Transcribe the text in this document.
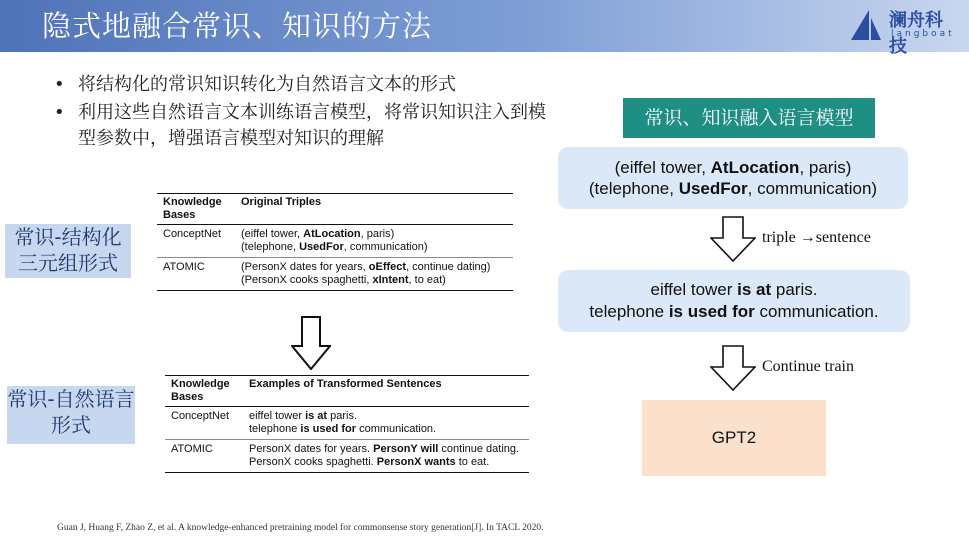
隐式地融合常识、知识的方法	澜舟科技
langboat
• 将结构化的常识知识转化为自然语言文本的形式
• 利用这些自然语言文本训练语言模型，将常识知识注入到模型参数中，增强语言模型对知识的理解
常识-结构化三元组形式
常识-自然语言形式
Knowledge Bases	Original Triples
ConceptNet	(eiffel tower, AtLocation, paris)
(telephone, UsedFor, communication)
ATOMIC	(PersonX dates for years, oEffect, continue dating)
(PersonX cooks spaghetti, xIntent, to eat)
Knowledge Bases	Examples of Transformed Sentences
ConceptNet	eiffel tower is at paris.
telephone is used for communication.
ATOMIC	PersonX dates for years. PersonY will continue dating.
PersonX cooks spaghetti. PersonX wants to eat.
常识、知识融入语言模型
(eiffel tower, AtLocation, paris)
(telephone, UsedFor, communication)
triple →sentence
eiffel tower is at paris.
telephone is used for communication.
Continue train
GPT2
Guan J, Huang F, Zhao Z, et al. A knowledge-enhanced pretraining model for commonsense story generation[J]. In TACL 2020.
